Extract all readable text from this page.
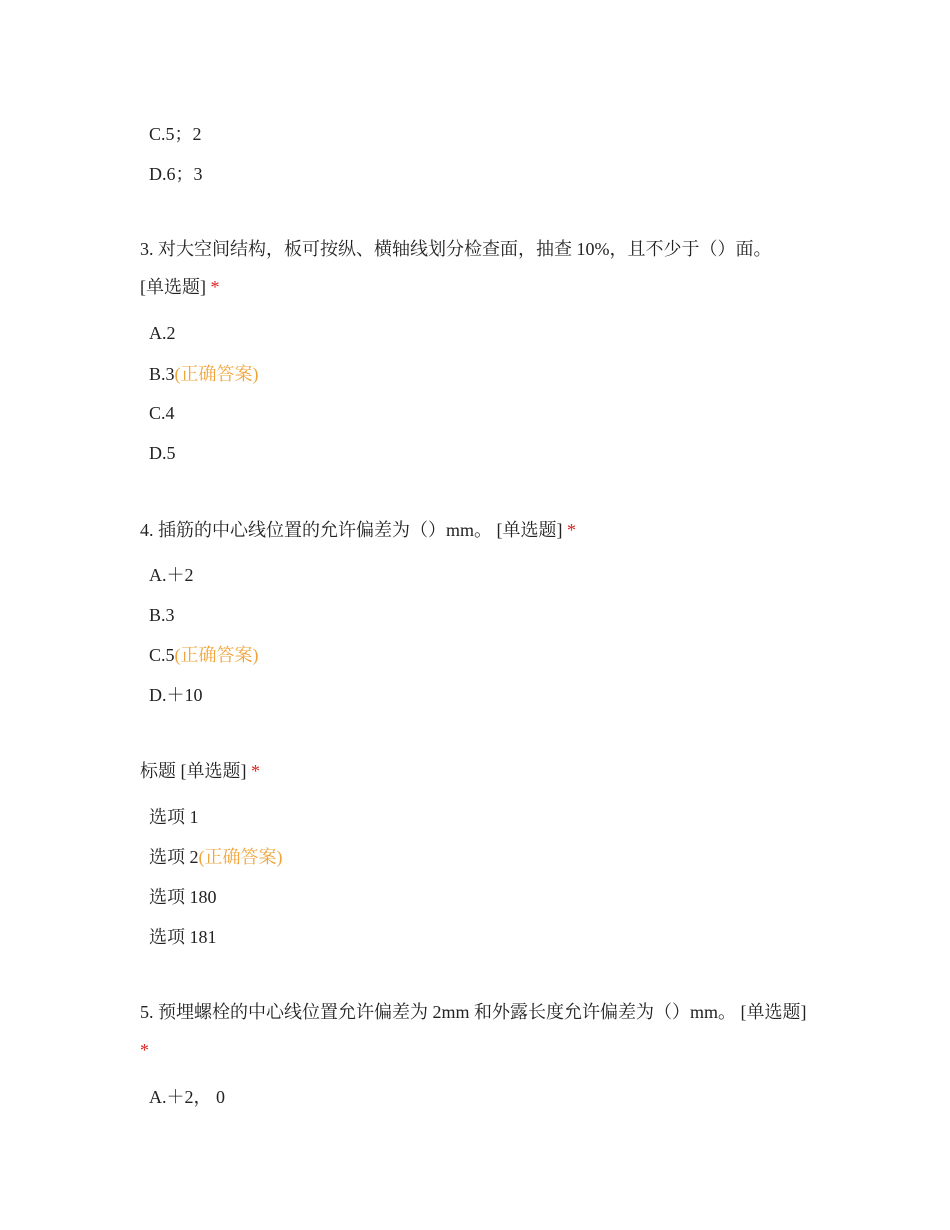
C.5；2
D.6；3
3. 对大空间结构，板可按纵、横轴线划分检查面，抽查 10%，且不少于（）面。
[单选题] *
A.2
B.3(正确答案)
C.4
D.5
4. 插筋的中心线位置的允许偏差为（）mm。 [单选题] *
A.＋2
B.3
C.5(正确答案)
D.＋10
标题 [单选题] *
选项 1
选项 2(正确答案)
选项 180
选项 181
5. 预埋螺栓的中心线位置允许偏差为 2mm 和外露长度允许偏差为（）mm。 [单选题] *
A.＋2， 0
